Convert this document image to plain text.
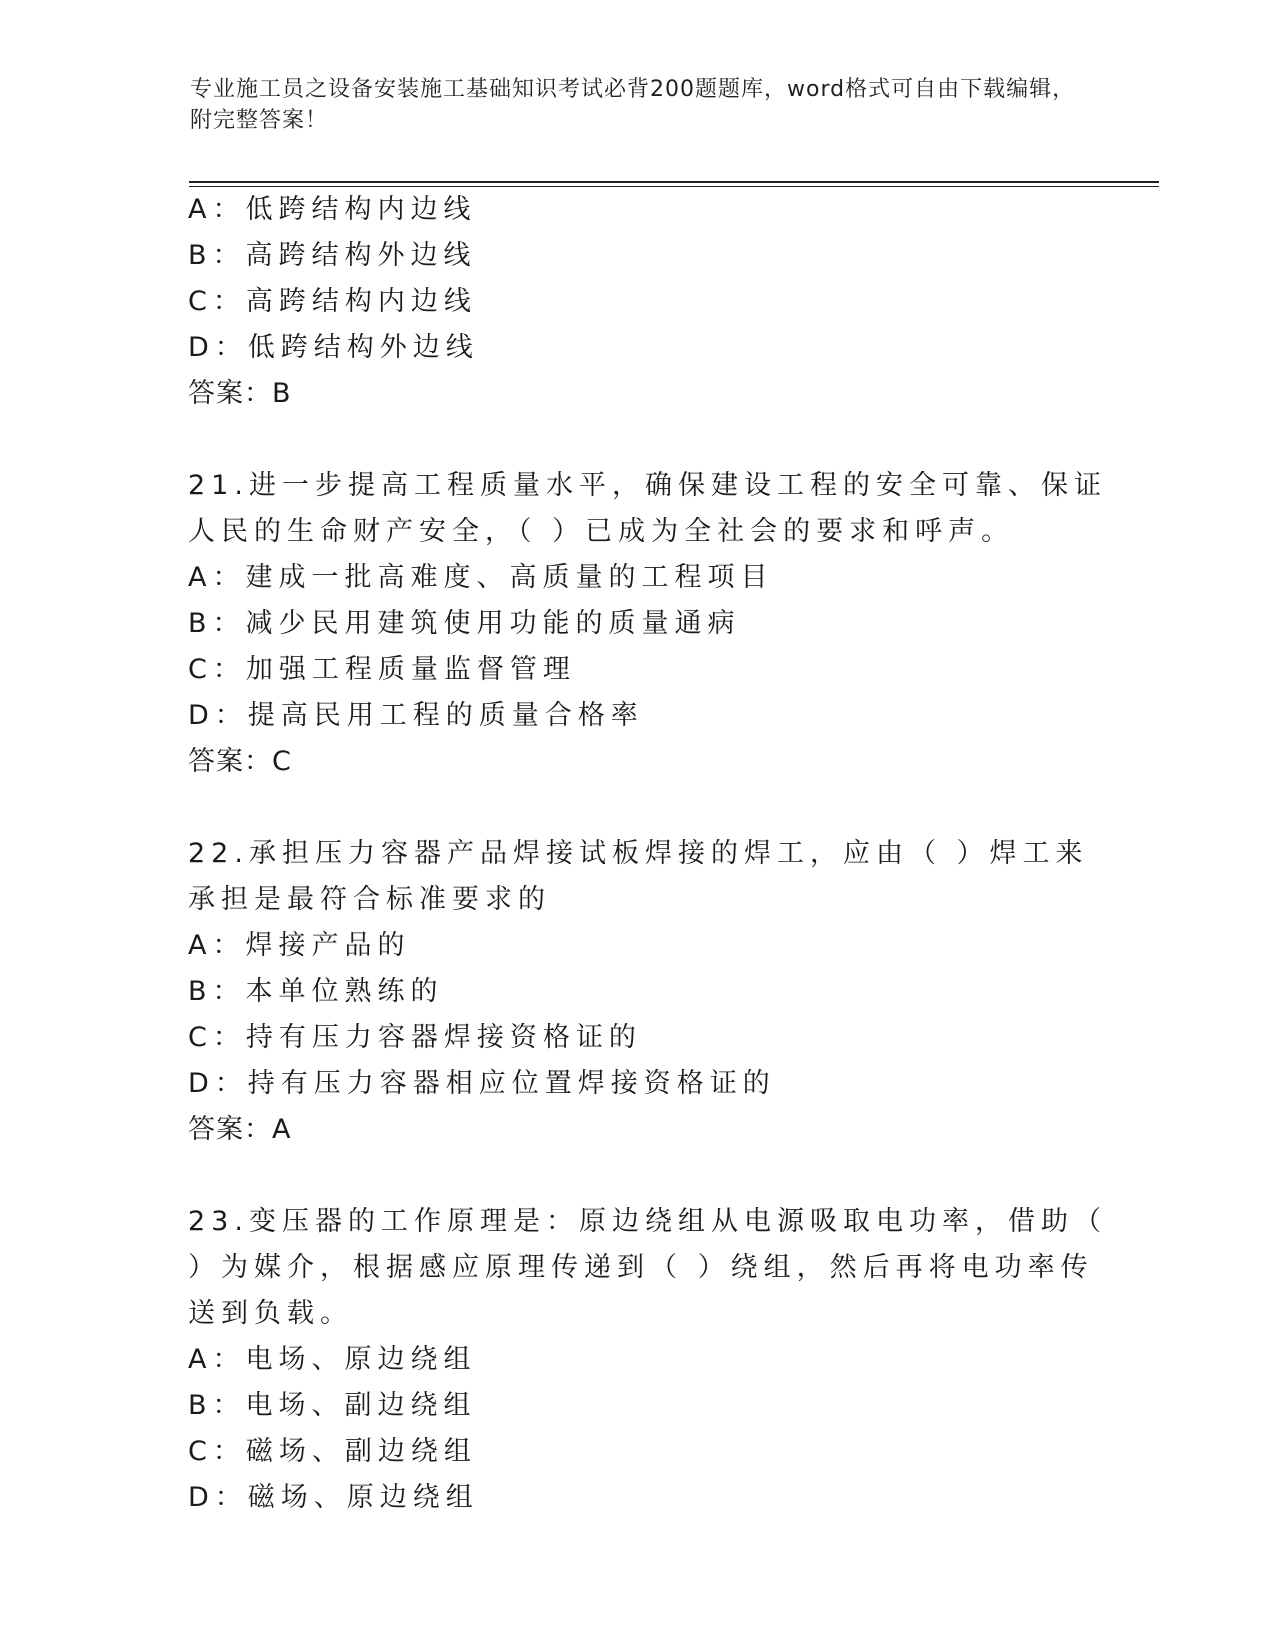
专业施工员之设备安装施工基础知识考试必背200题题库，word格式可自由下载编辑，附完整答案！
A：低跨结构内边线
B：高跨结构外边线
C：高跨结构内边线
D：低跨结构外边线
答案：B
21.进一步提高工程质量水平，确保建设工程的安全可靠、保证人民的生命财产安全，（ ）已成为全社会的要求和呼声。
A：建成一批高难度、高质量的工程项目
B：减少民用建筑使用功能的质量通病
C：加强工程质量监督管理
D：提高民用工程的质量合格率
答案：C
22.承担压力容器产品焊接试板焊接的焊工，应由（ ）焊工来承担是最符合标准要求的
A：焊接产品的
B：本单位熟练的
C：持有压力容器焊接资格证的
D：持有压力容器相应位置焊接资格证的
答案：A
23.变压器的工作原理是：原边绕组从电源吸取电功率，借助（ ）为媒介，根据感应原理传递到（ ）绕组，然后再将电功率传送到负载。
A：电场、原边绕组
B：电场、副边绕组
C：磁场、副边绕组
D：磁场、原边绕组
